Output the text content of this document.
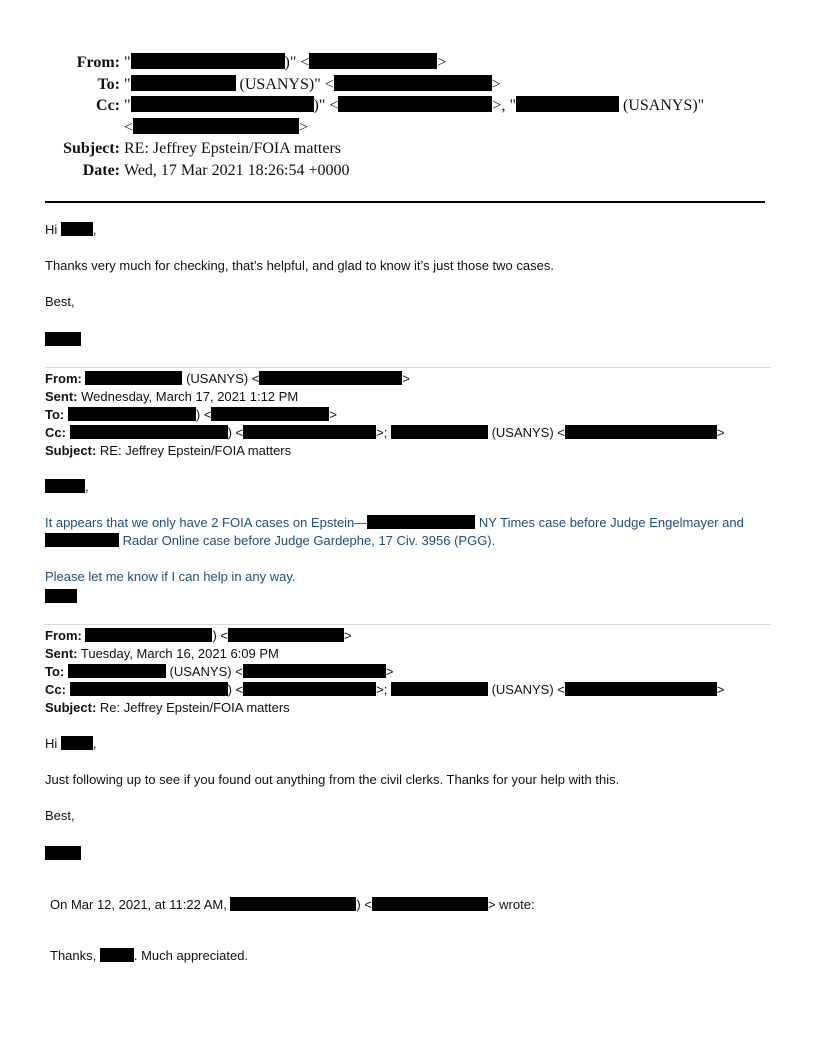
From: "	)" <	>
To: "	(USANYS)" <	>
Cc: "	)" <	>, "	(USANYS)"
<	>
Subject: RE: Jeffrey Epstein/FOIA matters
Date: Wed, 17 Mar 2021 18:26:54 +0000
Hi ,
Thanks very much for checking, that’s helpful, and glad to know it’s just those two cases.
Best,
From:	(USANYS) <	>
Sent: Wednesday, March 17, 2021 1:12 PM
To:	) <	>
Cc:	) <	>;	(USANYS) <	>
Subject: RE: Jeffrey Epstein/FOIA matters
,
It appears that we only have 2 FOIA cases on Epstein—	NY Times case before Judge Engelmayer and
Radar Online case before Judge Gardephe, 17 Civ. 3956 (PGG).
Please let me know if I can help in any way.
From:	) <	>
Sent: Tuesday, March 16, 2021 6:09 PM
To:	(USANYS) <	>
Cc:	) <	>;	(USANYS) <	>
Subject: Re: Jeffrey Epstein/FOIA matters
Hi ,
Just following up to see if you found out anything from the civil clerks. Thanks for your help with this.
Best,
On Mar 12, 2021, at 11:22 AM,	) <	> wrote:
Thanks,	. Much appreciated.
